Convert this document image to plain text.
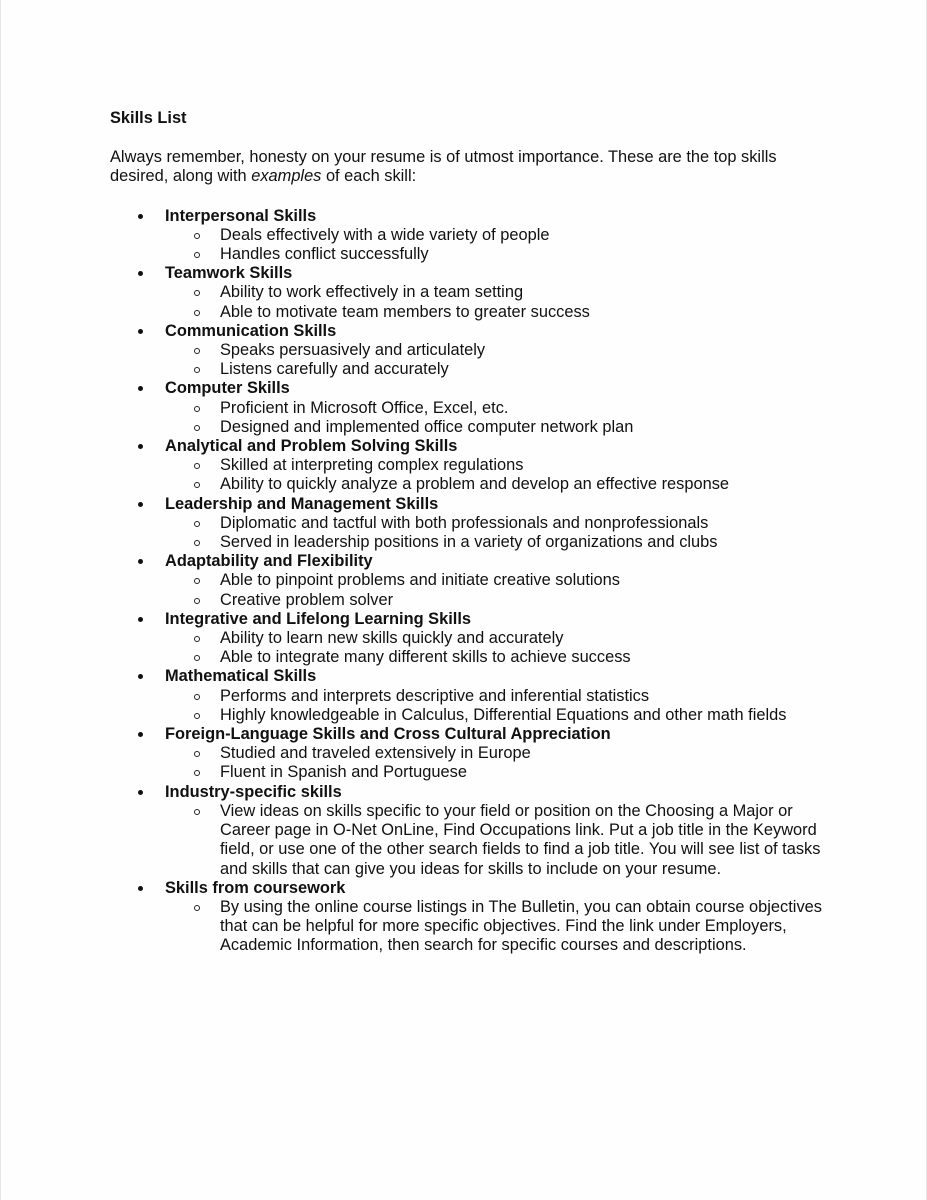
Skills List
Always remember, honesty on your resume is of utmost importance. These are the top skills desired, along with examples of each skill:
Interpersonal Skills
Deals effectively with a wide variety of people
Handles conflict successfully
Teamwork Skills
Ability to work effectively in a team setting
Able to motivate team members to greater success
Communication Skills
Speaks persuasively and articulately
Listens carefully and accurately
Computer Skills
Proficient in Microsoft Office, Excel, etc.
Designed and implemented office computer network plan
Analytical and Problem Solving Skills
Skilled at interpreting complex regulations
Ability to quickly analyze a problem and develop an effective response
Leadership and Management Skills
Diplomatic and tactful with both professionals and nonprofessionals
Served in leadership positions in a variety of organizations and clubs
Adaptability and Flexibility
Able to pinpoint problems and initiate creative solutions
Creative problem solver
Integrative and Lifelong Learning Skills
Ability to learn new skills quickly and accurately
Able to integrate many different skills to achieve success
Mathematical Skills
Performs and interprets descriptive and inferential statistics
Highly knowledgeable in Calculus, Differential Equations and other math fields
Foreign-Language Skills and Cross Cultural Appreciation
Studied and traveled extensively in Europe
Fluent in Spanish and Portuguese
Industry-specific skills
View ideas on skills specific to your field or position on the Choosing a Major or Career page in O-Net OnLine, Find Occupations link. Put a job title in the Keyword field, or use one of the other search fields to find a job title. You will see list of tasks and skills that can give you ideas for skills to include on your resume.
Skills from coursework
By using the online course listings in The Bulletin, you can obtain course objectives that can be helpful for more specific objectives. Find the link under Employers, Academic Information, then search for specific courses and descriptions.
